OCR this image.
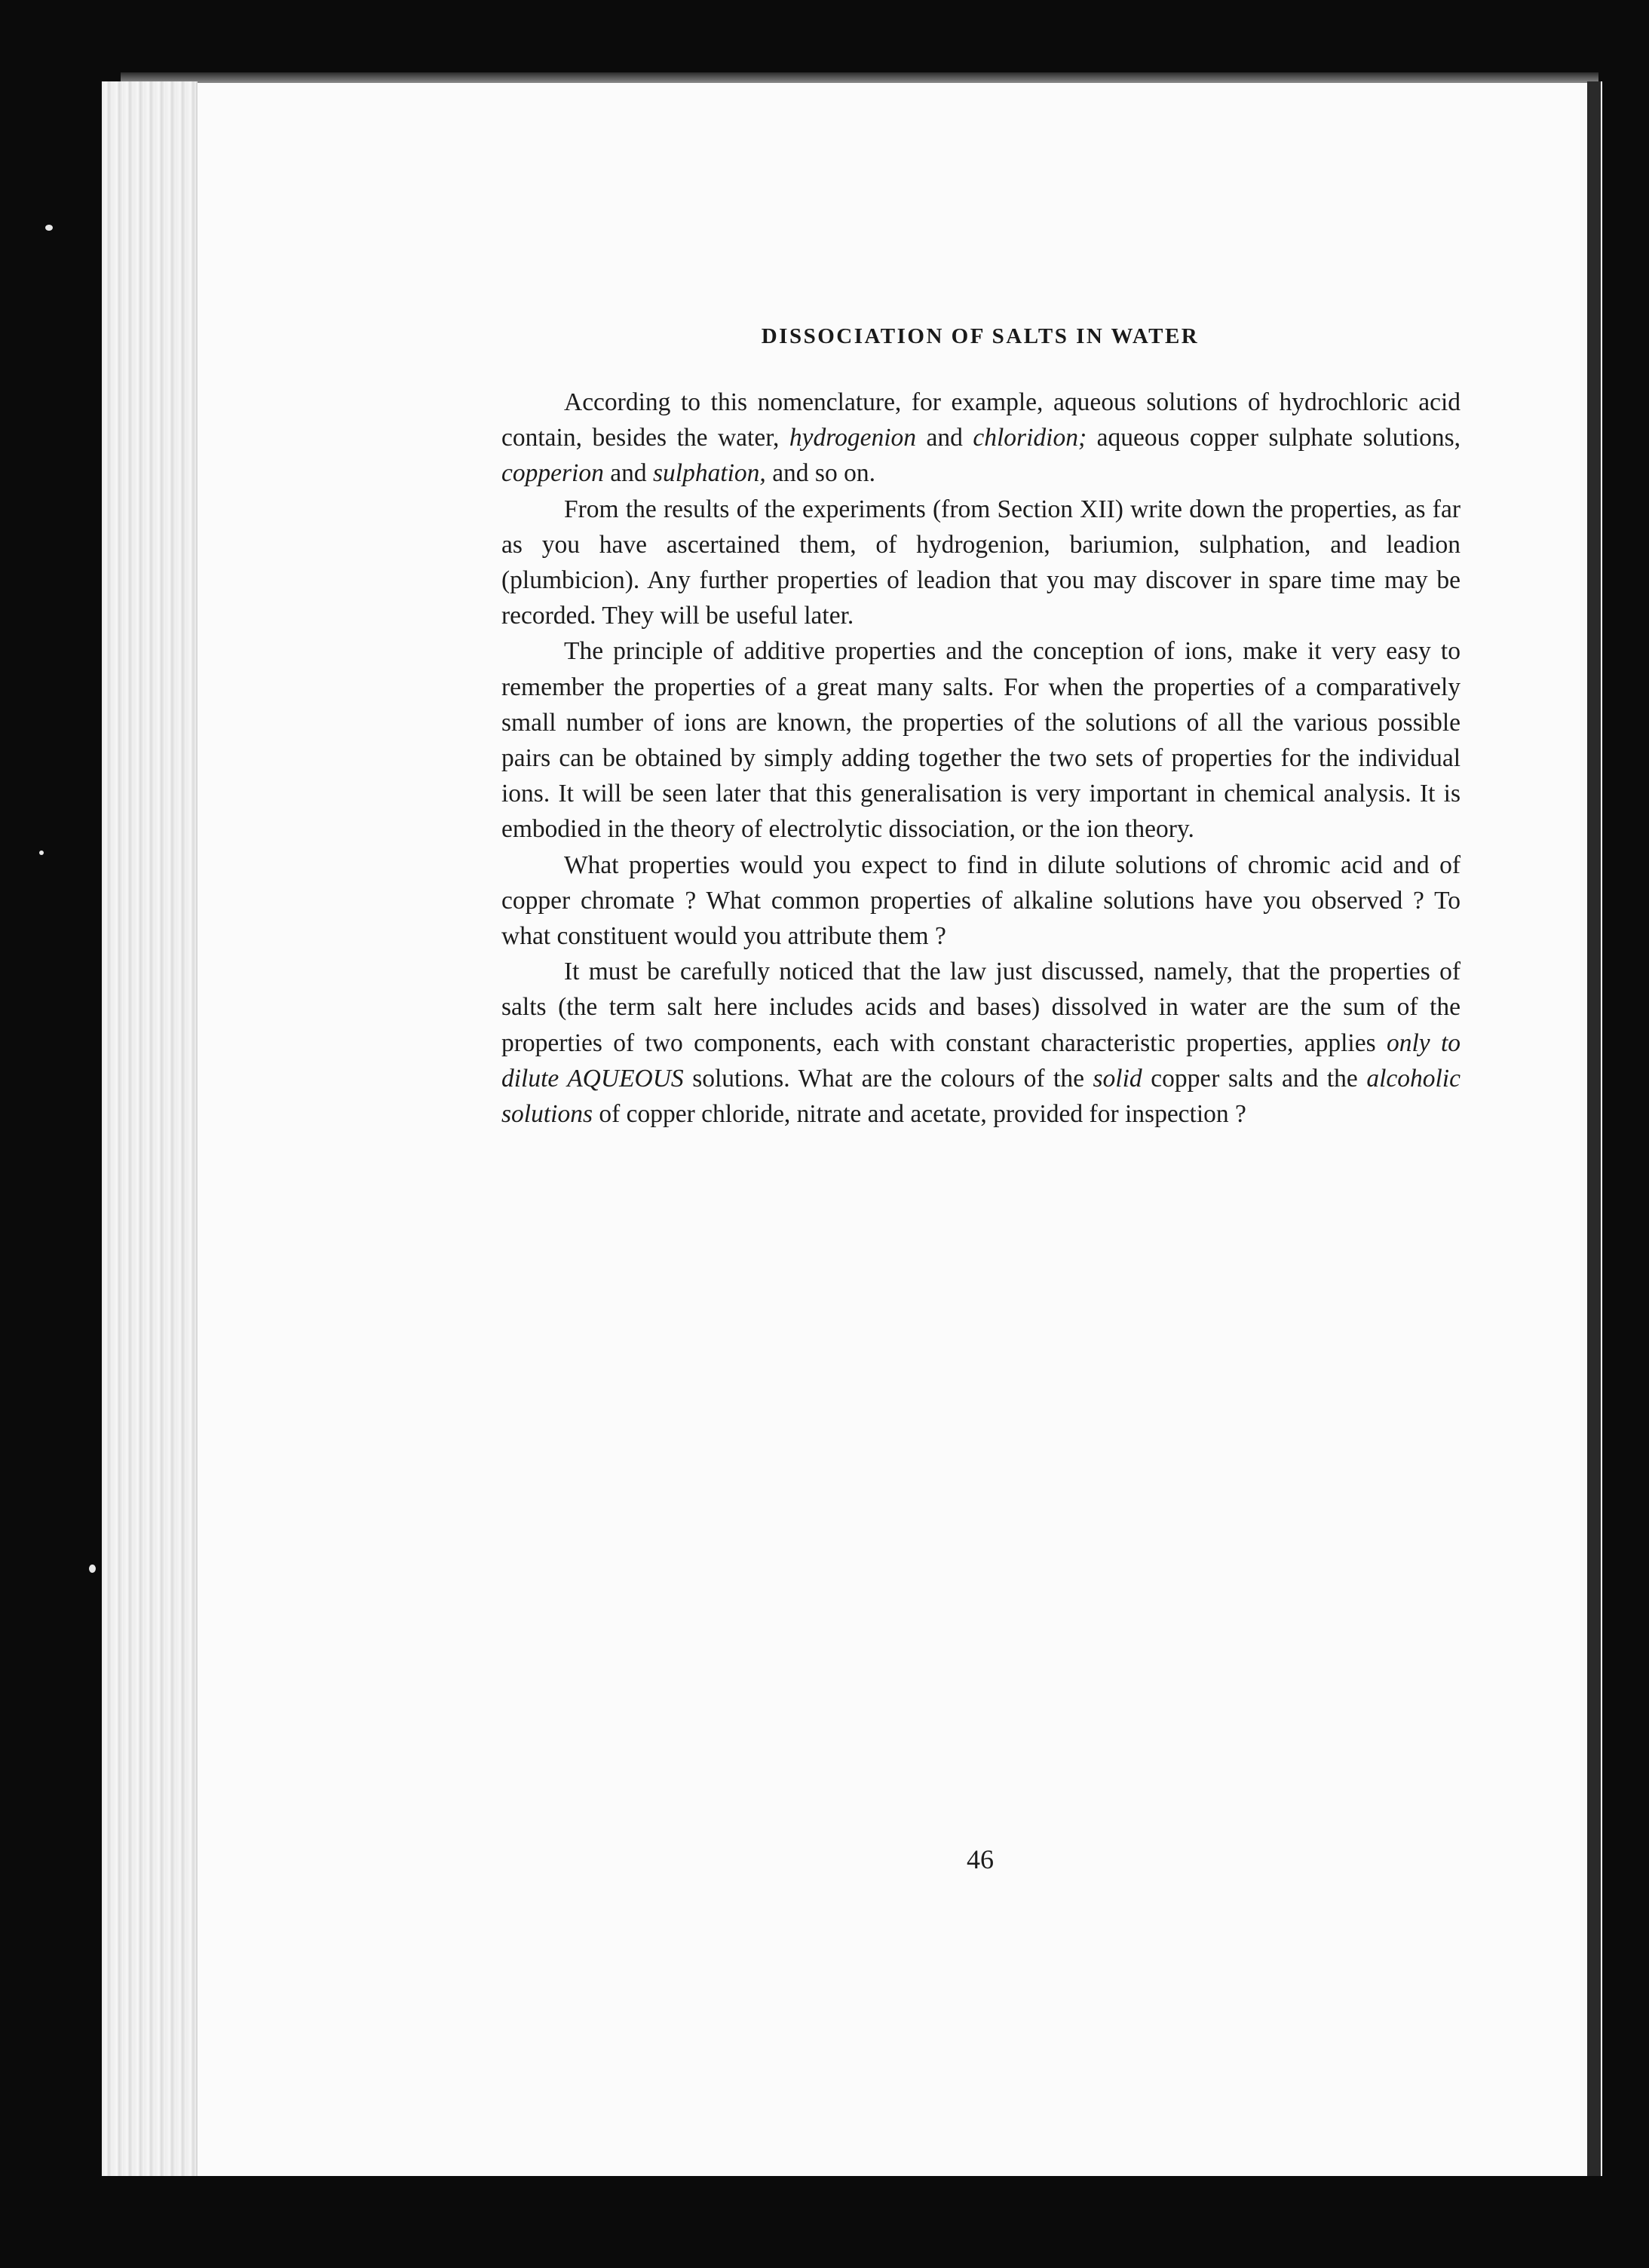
DISSOCIATION OF SALTS IN WATER

According to this nomenclature, for example, aqueous solutions of hydrochloric acid contain, besides the water, hydrogenion and chloridion; aqueous copper sulphate solutions, copperion and sulphation, and so on.

From the results of the experiments (from Section XII) write down the properties, as far as you have ascertained them, of hydrogenion, bariumion, sulphation, and leadion (plumbicion). Any further properties of leadion that you may discover in spare time may be recorded. They will be useful later.

The principle of additive properties and the conception of ions, make it very easy to remember the properties of a great many salts. For when the properties of a comparatively small number of ions are known, the properties of the solutions of all the various possible pairs can be obtained by simply adding together the two sets of properties for the individual ions. It will be seen later that this generalisation is very important in chemical analysis. It is embodied in the theory of electrolytic dissociation, or the ion theory.

What properties would you expect to find in dilute solutions of chromic acid and of copper chromate ? What common properties of alkaline solutions have you observed ? To what constituent would you attribute them ?

It must be carefully noticed that the law just discussed, namely, that the properties of salts (the term salt here includes acids and bases) dissolved in water are the sum of the properties of two components, each with constant characteristic properties, applies only to dilute AQUEOUS solutions. What are the colours of the solid copper salts and the alcoholic solutions of copper chloride, nitrate and acetate, provided for inspection ?

46
